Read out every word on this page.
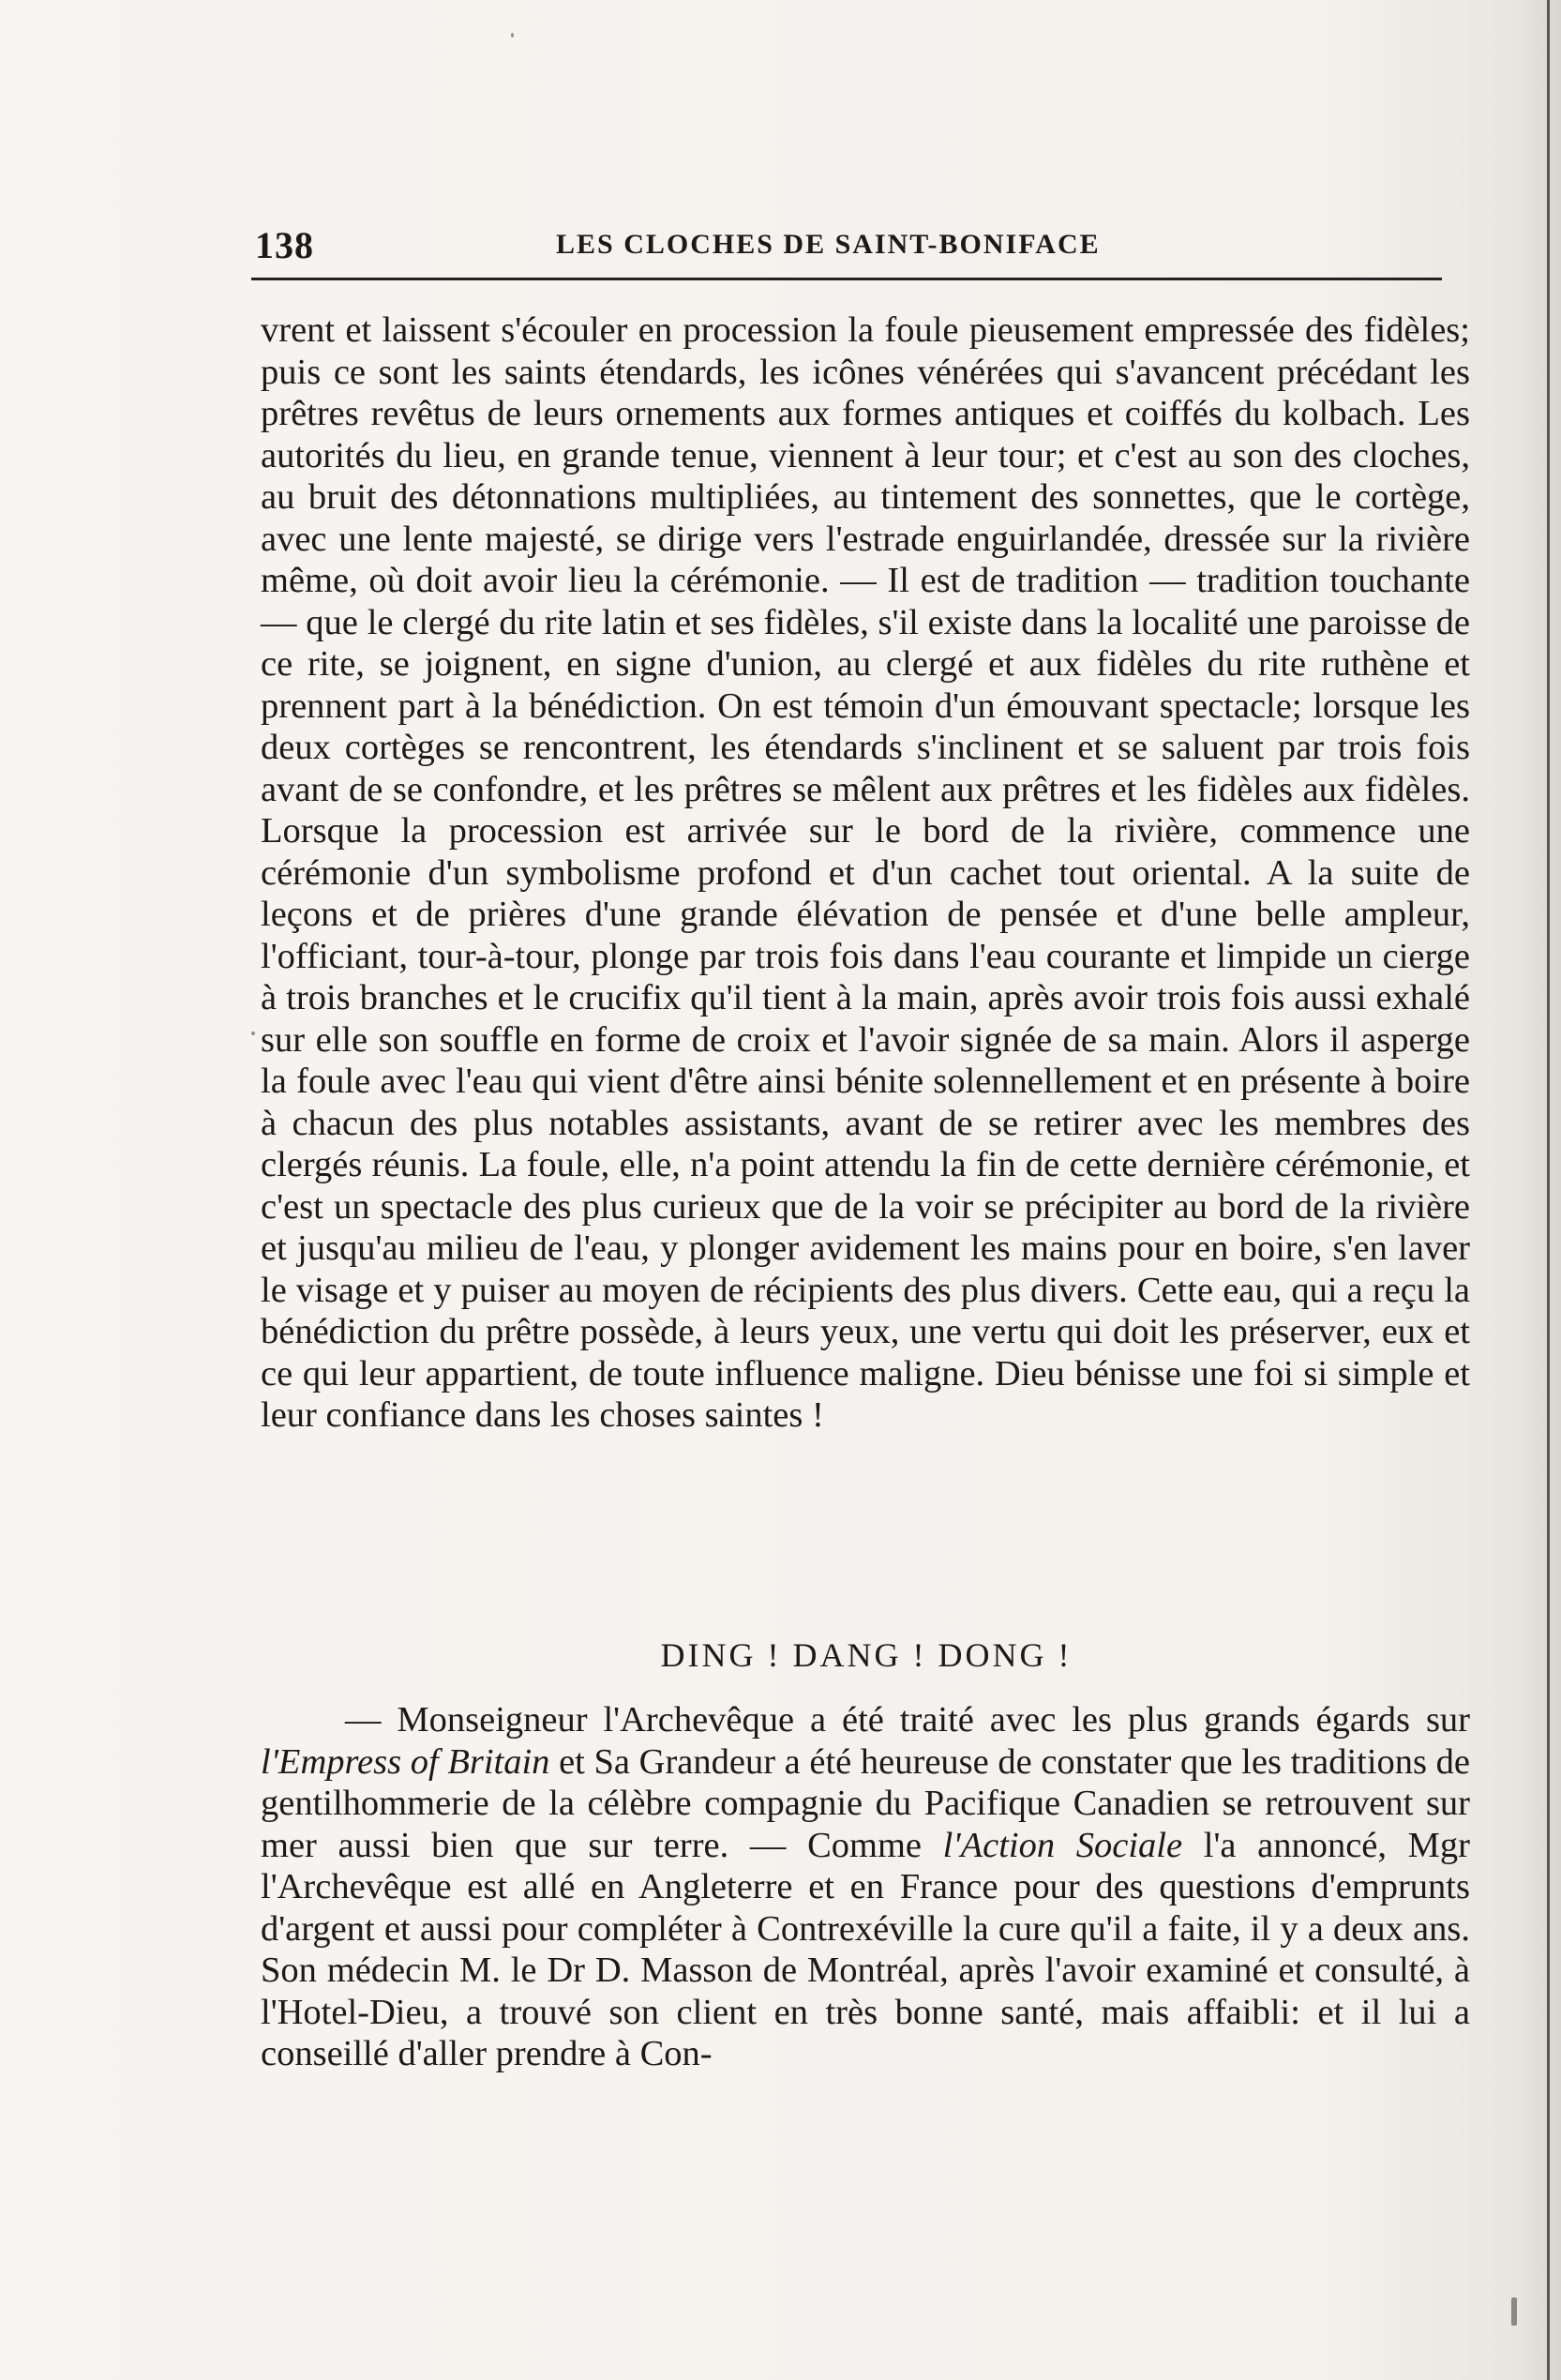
138	LES CLOCHES DE SAINT-BONIFACE

vrent et laissent s'écouler en procession la foule pieusement empressée des fidèles; puis ce sont les saints étendards, les icônes vénérées qui s'avancent précédant les prêtres revêtus de leurs ornements aux formes antiques et coiffés du kolbach. Les autorités du lieu, en grande tenue, viennent à leur tour; et c'est au son des cloches, au bruit des détonnations multipliées, au tintement des sonnettes, que le cortège, avec une lente majesté, se dirige vers l'estrade enguirlandée, dressée sur la rivière même, où doit avoir lieu la cérémonie. — Il est de tradition — tradition touchante — que le clergé du rite latin et ses fidèles, s'il existe dans la localité une paroisse de ce rite, se joignent, en signe d'union, au clergé et aux fidèles du rite ruthène et prennent part à la bénédiction. On est témoin d'un émouvant spectacle; lorsque les deux cortèges se rencontrent, les étendards s'inclinent et se saluent par trois fois avant de se confondre, et les prêtres se mêlent aux prêtres et les fidèles aux fidèles. Lorsque la procession est arrivée sur le bord de la rivière, commence une cérémonie d'un symbolisme profond et d'un cachet tout oriental. A la suite de leçons et de prières d'une grande élévation de pensée et d'une belle ampleur, l'officiant, tour-à-tour, plonge par trois fois dans l'eau courante et limpide un cierge à trois branches et le crucifix qu'il tient à la main, après avoir trois fois aussi exhalé sur elle son souffle en forme de croix et l'avoir signée de sa main. Alors il asperge la foule avec l'eau qui vient d'être ainsi bénite solennellement et en présente à boire à chacun des plus notables assistants, avant de se retirer avec les membres des clergés réunis. La foule, elle, n'a point attendu la fin de cette dernière cérémonie, et c'est un spectacle des plus curieux que de la voir se précipiter au bord de la rivière et jusqu'au milieu de l'eau, y plonger avidement les mains pour en boire, s'en laver le visage et y puiser au moyen de récipients des plus divers. Cette eau, qui a reçu la bénédiction du prêtre possède, à leurs yeux, une vertu qui doit les préserver, eux et ce qui leur appartient, de toute influence maligne. Dieu bénisse une foi si simple et leur confiance dans les choses saintes !

DING ! DANG ! DONG !

— Monseigneur l'Archevêque a été traité avec les plus grands égards sur l'Empress of Britain et Sa Grandeur a été heureuse de constater que les traditions de gentilhommerie de la célèbre compagnie du Pacifique Canadien se retrouvent sur mer aussi bien que sur terre. — Comme l'Action Sociale l'a annoncé, Mgr l'Archevêque est allé en Angleterre et en France pour des questions d'emprunts d'argent et aussi pour compléter à Contrexéville la cure qu'il a faite, il y a deux ans. Son médecin M. le Dr D. Masson de Montréal, après l'avoir examiné et consulté, à l'Hotel-Dieu, a trouvé son client en très bonne santé, mais affaibli: et il lui a conseillé d'aller prendre à Con-
